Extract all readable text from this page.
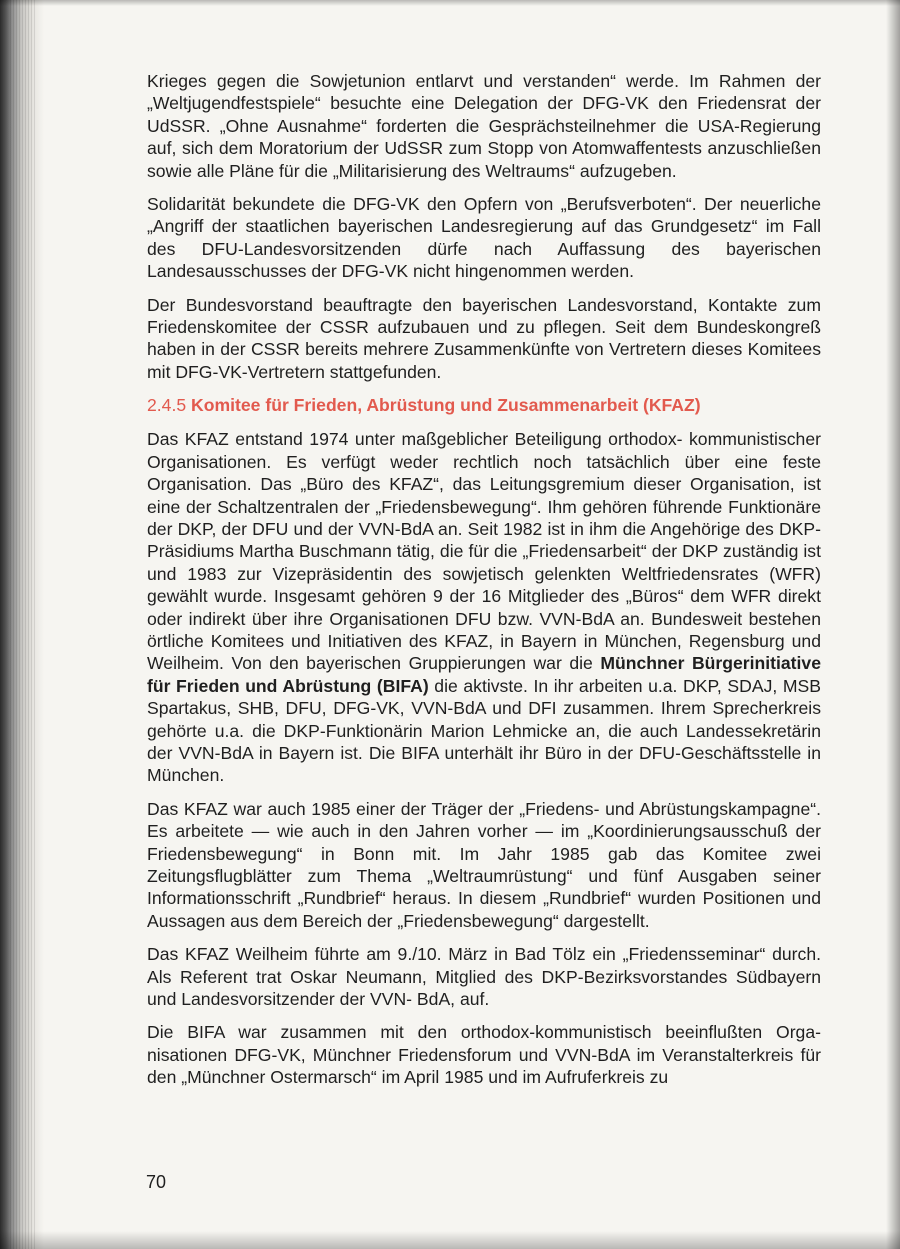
Krieges gegen die Sowjetunion entlarvt und verstanden“ werde. Im Rahmen der „Weltjugendfestspiele“ besuchte eine Delegation der DFG-VK den Friedensrat der UdSSR. „Ohne Ausnahme“ forderten die Gesprächsteilnehmer die USA-Regierung auf, sich dem Moratorium der UdSSR zum Stopp von Atomwaffentests anzuschließen sowie alle Pläne für die „Militarisierung des Weltraums“ aufzugeben.

Solidarität bekundete die DFG-VK den Opfern von „Berufsverboten“. Der neuerliche „Angriff der staatlichen bayerischen Landesregierung auf das Grundgesetz“ im Fall des DFU-Landesvorsitzenden dürfe nach Auffassung des bayerischen Landesausschusses der DFG-VK nicht hingenommen werden.

Der Bundesvorstand beauftragte den bayerischen Landesvorstand, Kontakte zum Friedenskomitee der CSSR aufzubauen und zu pflegen. Seit dem Bundeskongreß haben in der CSSR bereits mehrere Zusammenkünfte von Vertretern dieses Komitees mit DFG-VK-Vertretern stattgefunden.

2.4.5 Komitee für Frieden, Abrüstung und Zusammenarbeit (KFAZ)

Das KFAZ entstand 1974 unter maßgeblicher Beteiligung orthodox- kommunistischer Organisationen. Es verfügt weder rechtlich noch tatsächlich über eine feste Organisation. Das „Büro des KFAZ“, das Leitungsgremium dieser Organisation, ist eine der Schaltzentralen der „Friedensbewegung“. Ihm gehören führende Funktionäre der DKP, der DFU und der VVN-BdA an. Seit 1982 ist in ihm die Angehörige des DKP-Präsidiums Martha Buschmann tätig, die für die „Friedensarbeit“ der DKP zuständig ist und 1983 zur Vizepräsidentin des sowjetisch gelenkten Weltfriedensrates (WFR) gewählt wurde. Insgesamt gehören 9 der 16 Mitglieder des „Büros“ dem WFR direkt oder indirekt über ihre Organisationen DFU bzw. VVN-BdA an. Bundesweit bestehen örtliche Komitees und Initiativen des KFAZ, in Bayern in München, Regensburg und Weilheim. Von den bayerischen Gruppierungen war die Münchner Bürgerinitiative für Frieden und Abrüstung (BIFA) die aktivste. In ihr arbeiten u.a. DKP, SDAJ, MSB Spartakus, SHB, DFU, DFG-VK, VVN-BdA und DFI zusammen. Ihrem Sprecherkreis gehörte u.a. die DKP-Funktionärin Marion Lehmicke an, die auch Landessekretärin der VVN-BdA in Bayern ist. Die BIFA unterhält ihr Büro in der DFU-Geschäftsstelle in München.

Das KFAZ war auch 1985 einer der Träger der „Friedens- und Abrüstungskampagne“. Es arbeitete — wie auch in den Jahren vorher — im „Koordinierungsausschuß der Friedensbewegung“ in Bonn mit. Im Jahr 1985 gab das Komitee zwei Zeitungsflugblätter zum Thema „Weltraumrüstung“ und fünf Ausgaben seiner Informationsschrift „Rundbrief“ heraus. In diesem „Rundbrief“ wurden Positionen und Aussagen aus dem Bereich der „Friedensbewegung“ dargestellt.

Das KFAZ Weilheim führte am 9./10. März in Bad Tölz ein „Friedensseminar“ durch. Als Referent trat Oskar Neumann, Mitglied des DKP-Bezirksvorstandes Südbayern und Landesvorsitzender der VVN- BdA, auf.

Die BIFA war zusammen mit den orthodox-kommunistisch beeinflußten Organisationen DFG-VK, Münchner Friedensforum und VVN-BdA im Veranstalterkreis für den „Münchner Ostermarsch“ im April 1985 und im Aufruferkreis zu

70
